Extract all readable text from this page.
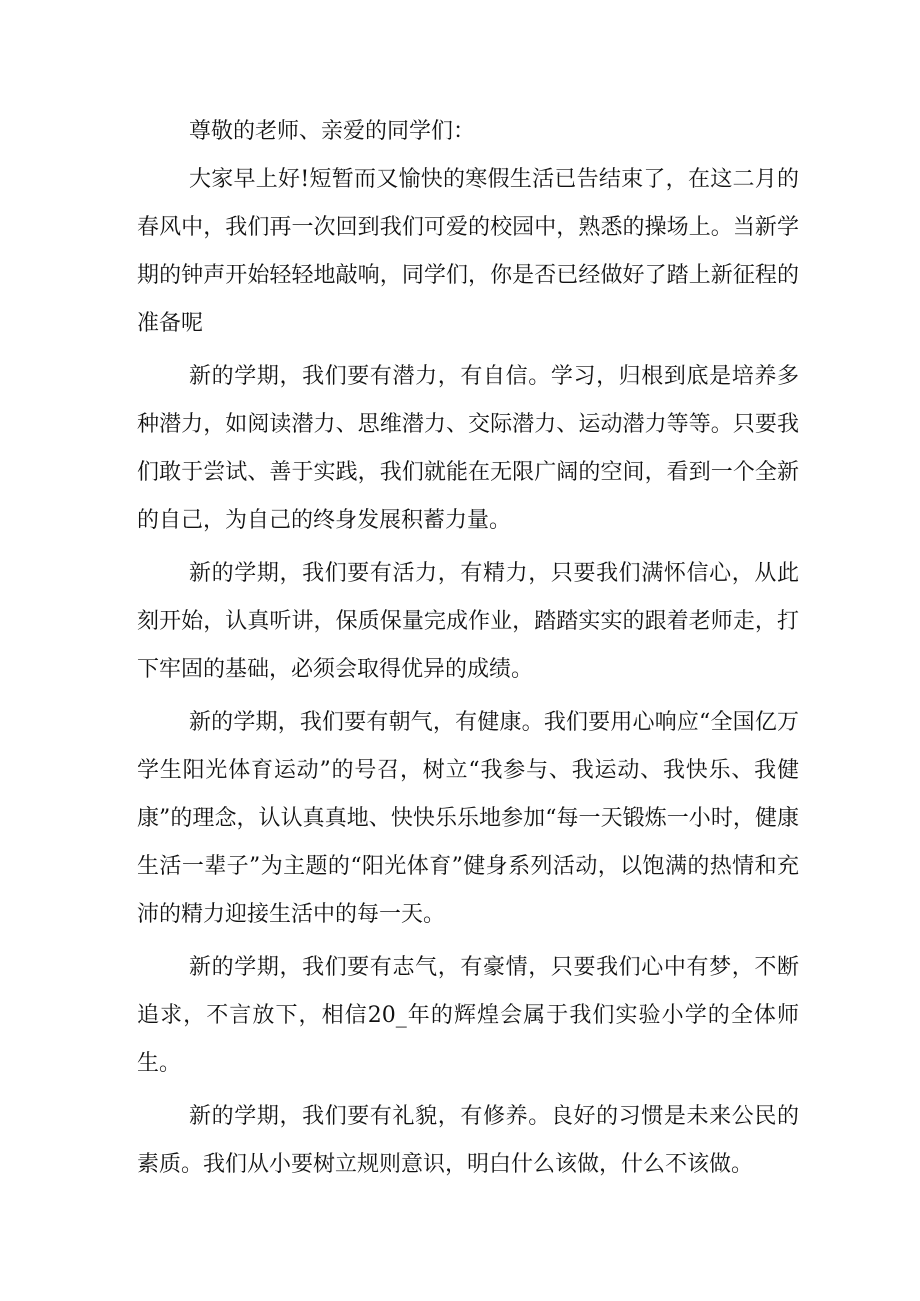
尊敬的老师、亲爱的同学们：

大家早上好!短暂而又愉快的寒假生活已告结束了，在这二月的春风中，我们再一次回到我们可爱的校园中，熟悉的操场上。当新学期的钟声开始轻轻地敲响，同学们，你是否已经做好了踏上新征程的准备呢

新的学期，我们要有潜力，有自信。学习，归根到底是培养多种潜力，如阅读潜力、思维潜力、交际潜力、运动潜力等等。只要我们敢于尝试、善于实践，我们就能在无限广阔的空间，看到一个全新的自己，为自己的终身发展积蓄力量。

新的学期，我们要有活力，有精力，只要我们满怀信心，从此刻开始，认真听讲，保质保量完成作业，踏踏实实的跟着老师走，打下牢固的基础，必须会取得优异的成绩。

新的学期，我们要有朝气，有健康。我们要用心响应“全国亿万学生阳光体育运动”的号召，树立“我参与、我运动、我快乐、我健康”的理念，认认真真地、快快乐乐地参加“每一天锻炼一小时，健康生活一辈子”为主题的“阳光体育”健身系列活动，以饱满的热情和充沛的精力迎接生活中的每一天。

新的学期，我们要有志气，有豪情，只要我们心中有梦，不断追求，不言放下，相信20_年的辉煌会属于我们实验小学的全体师生。

新的学期，我们要有礼貌，有修养。良好的习惯是未来公民的素质。我们从小要树立规则意识，明白什么该做，什么不该做。
